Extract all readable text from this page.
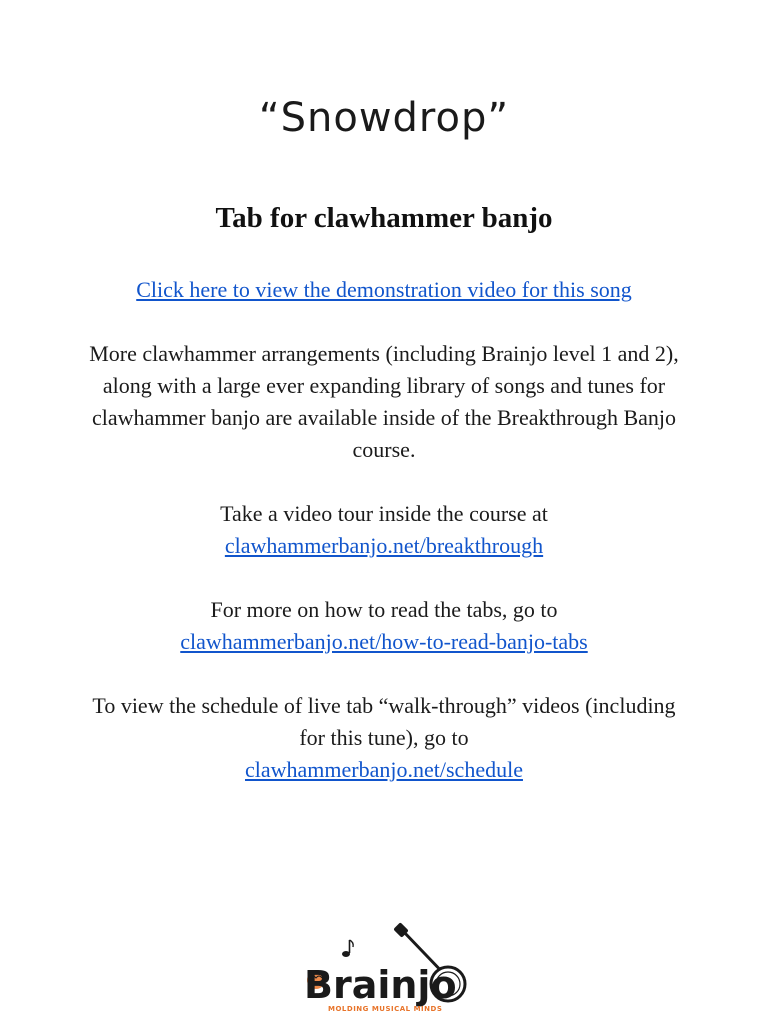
“Snowdrop”
Tab for clawhammer banjo
Click here to view the demonstration video for this song
More clawhammer arrangements (including Brainjo level 1 and 2),
along with a large ever expanding library of songs and tunes for
clawhammer banjo are available inside of the Breakthrough Banjo
course.
Take a video tour inside the course at
clawhammerbanjo.net/breakthrough
For more on how to read the tabs, go to
clawhammerbanjo.net/how-to-read-banjo-tabs
To view the schedule of live tab “walk-through” videos (including
for this tune), go to
clawhammerbanjo.net/schedule
Brainjo
MOLDING MUSICAL MINDS
